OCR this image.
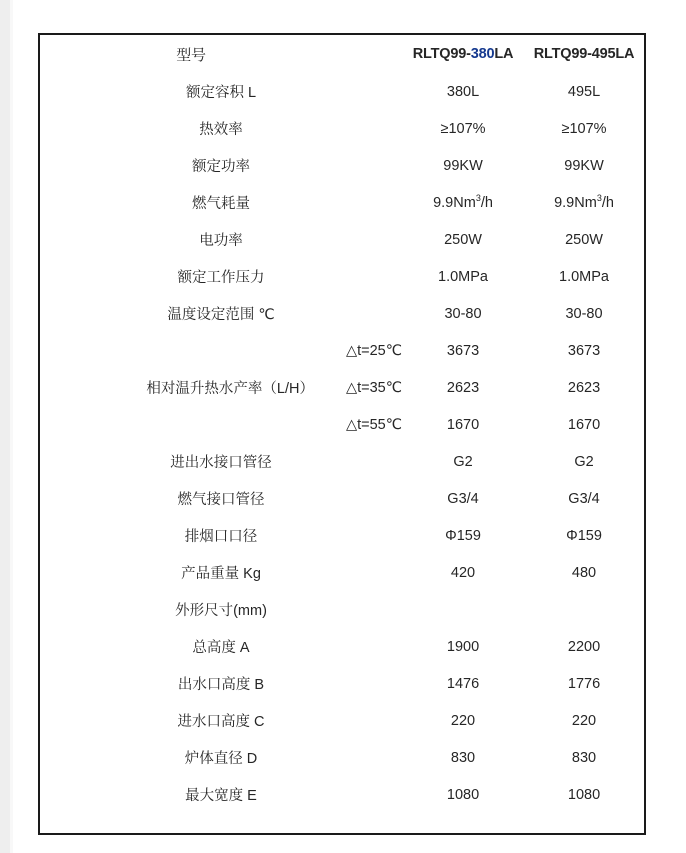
型号		RLTQ99-380LA	RLTQ99-495LA

额定容积 L		380L	495L
热效率		≥107%	≥107%
额定功率		99KW	99KW
燃气耗量		9.9Nm$^3$/h	9.9Nm$^3$/h
电功率		250W	250W
额定工作压力		1.0MPa	1.0MPa
温度设定范围 ℃		30-80	30-80

相对温升热水产率（L/H）	△t=25℃	3673	3673
	△t=35℃	2623	2623
	△t=55℃	1670	1670

进出水接口管径		G2	G2
燃气接口管径		G3/4	G3/4
排烟口口径		Φ159	Φ159
产品重量 Kg		420	480

外形尺寸(mm)			
总高度 A		1900	2200
出水口高度 B		1476	1776
进水口高度 C		220	220
炉体直径 D		830	830
最大宽度 E		1080	1080
